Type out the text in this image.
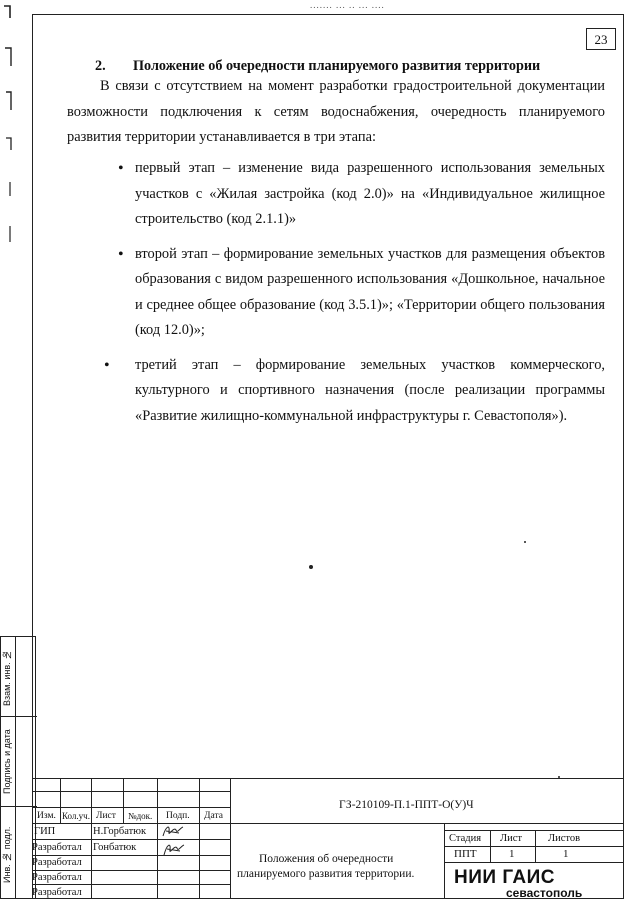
....... ... .. ... ....
23
2. Положение об очередности планируемого развития территории

В связи с отсутствием на момент разработки градостроительной документации возможности подключения к сетям водоснабжения, очередность планируемого развития территории устанавливается в три этапа:

• первый этап – изменение вида разрешенного использования земельных участков с «Жилая застройка (код 2.0)» на «Индивидуальное жилищное строительство (код 2.1.1)»
• второй этап – формирование земельных участков для размещения объектов образования с видом разрешенного использования «Дошкольное, начальное и среднее общее образование (код 3.5.1)»; «Территории общего пользования (код 12.0)»;
• третий этап – формирование земельных участков коммерческого, культурного и спортивного назначения (после реализации программы «Развитие жилищно-коммунальной инфраструктуры г. Севастополя»).
Взам. инв. №
Подпись и дата
Инв. № подл.
ГЗ-210109-П.1-ППТ-О(У)Ч
Изм. Кол.уч. Лист №док. Подп. Дата
ГИП
Разработал
Разработал
Разработал
Разработал
Н.Горбатюк
Гонбатюк
Положения об очередности
планируемого развития территории.
Стадия Лист Листов
ППТ	1	1
НИИ ГАИС
севастополь
